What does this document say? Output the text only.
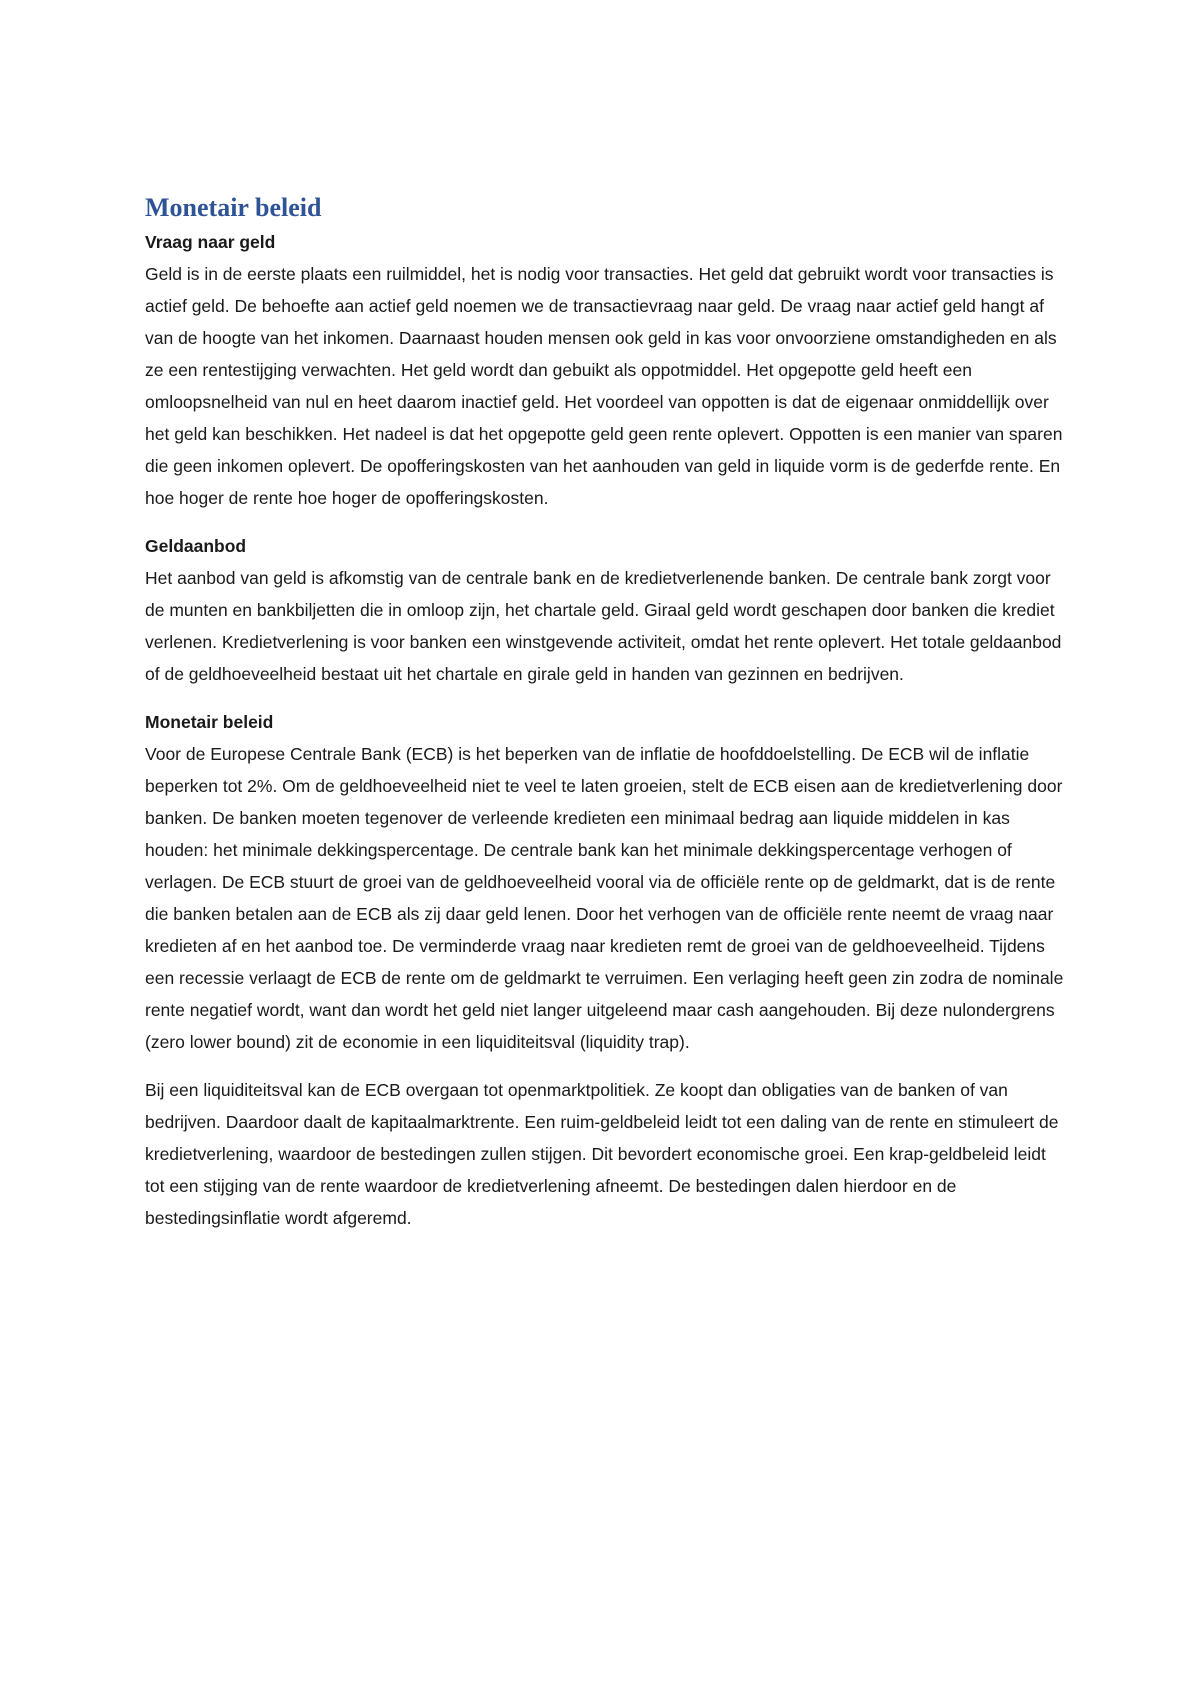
Monetair beleid
Vraag naar geld

Geld is in de eerste plaats een ruilmiddel, het is nodig voor transacties. Het geld dat gebruikt wordt voor transacties is actief geld. De behoefte aan actief geld noemen we de transactievraag naar geld. De vraag naar actief geld hangt af van de hoogte van het inkomen. Daarnaast houden mensen ook geld in kas voor onvoorziene omstandigheden en als ze een rentestijging verwachten. Het geld wordt dan gebuikt als oppotmiddel. Het opgepotte geld heeft een omloopsnelheid van nul en heet daarom inactief geld. Het voordeel van oppotten is dat de eigenaar onmiddellijk over het geld kan beschikken. Het nadeel is dat het opgepotte geld geen rente oplevert. Oppotten is een manier van sparen die geen inkomen oplevert. De opofferingskosten van het aanhouden van geld in liquide vorm is de gederfde rente. En hoe hoger de rente hoe hoger de opofferingskosten.

Geldaanbod

Het aanbod van geld is afkomstig van de centrale bank en de kredietverlenende banken. De centrale bank zorgt voor de munten en bankbiljetten die in omloop zijn, het chartale geld. Giraal geld wordt geschapen door banken die krediet verlenen. Kredietverlening is voor banken een winstgevende activiteit, omdat het rente oplevert. Het totale geldaanbod of de geldhoeveelheid bestaat uit het chartale en girale geld in handen van gezinnen en bedrijven.

Monetair beleid

Voor de Europese Centrale Bank (ECB) is het beperken van de inflatie de hoofddoelstelling. De ECB wil de inflatie beperken tot 2%. Om de geldhoeveelheid niet te veel te laten groeien, stelt de ECB eisen aan de kredietverlening door banken. De banken moeten tegenover de verleende kredieten een minimaal bedrag aan liquide middelen in kas houden: het minimale dekkingspercentage. De centrale bank kan het minimale dekkingspercentage verhogen of verlagen. De ECB stuurt de groei van de geldhoeveelheid vooral via de officiële rente op de geldmarkt, dat is de rente die banken betalen aan de ECB als zij daar geld lenen. Door het verhogen van de officiële rente neemt de vraag naar kredieten af en het aanbod toe. De verminderde vraag naar kredieten remt de groei van de geldhoeveelheid. Tijdens een recessie verlaagt de ECB de rente om de geldmarkt te verruimen. Een verlaging heeft geen zin zodra de nominale rente negatief wordt, want dan wordt het geld niet langer uitgeleend maar cash aangehouden. Bij deze nulondergrens (zero lower bound) zit de economie in een liquiditeitsval (liquidity trap).

Bij een liquiditeitsval kan de ECB overgaan tot openmarktpolitiek. Ze koopt dan obligaties van de banken of van bedrijven. Daardoor daalt de kapitaalmarktrente. Een ruim-geldbeleid leidt tot een daling van de rente en stimuleert de kredietverlening, waardoor de bestedingen zullen stijgen. Dit bevordert economische groei. Een krap-geldbeleid leidt tot een stijging van de rente waardoor de kredietverlening afneemt. De bestedingen dalen hierdoor en de bestedingsinflatie wordt afgeremd.
